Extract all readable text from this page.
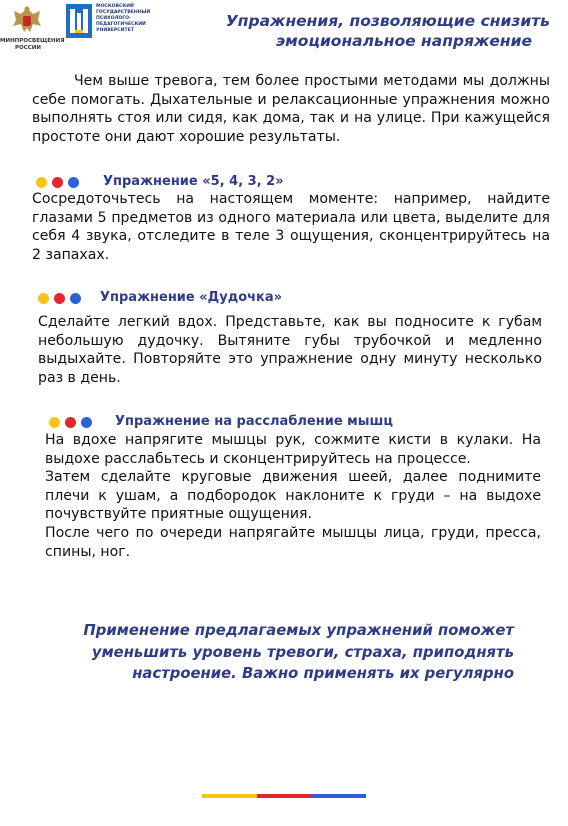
МИНПРОСВЕЩЕНИЯ РОССИИ
МОСКОВСКИЙ ГОСУДАРСТВЕННЫЙ ПСИХОЛОГО-ПЕДАГОГИЧЕСКИЙ УНИВЕРСИТЕТ
Упражнения, позволяющие снизить
эмоциональное напряжение
Чем выше тревога, тем более простыми методами мы должны себе помогать. Дыхательные и релаксационные упражнения можно выполнять стоя или сидя, как дома, так и на улице. При кажущейся простоте они дают хорошие результаты.
Упражнение «5, 4, 3, 2»
Сосредоточьтесь на настоящем моменте: например, найдите глазами 5 предметов из одного материала или цвета, выделите для себя 4 звука, отследите в теле 3 ощущения, сконцентрируйтесь на 2 запахах.
Упражнение «Дудочка»
Сделайте легкий вдох. Представьте, как вы подносите к губам небольшую дудочку. Вытяните губы трубочкой и медленно выдыхайте. Повторяйте это упражнение одну минуту несколько раз в день.
Упражнение на расслабление мышц

На вдохе напрягите мышцы рук, сожмите кисти в кулаки. На выдохе расслабьтесь и сконцентрируйтесь на процессе.

Затем сделайте круговые движения шеей, далее поднимите плечи к ушам, а подбородок наклоните к груди – на выдохе почувствуйте приятные ощущения.

После чего по очереди напрягайте мышцы лица, груди, пресса, спины, ног.

Применение предлагаемых упражнений поможет
уменьшить уровень тревоги, страха, приподнять
настроение. Важно применять их регулярно
